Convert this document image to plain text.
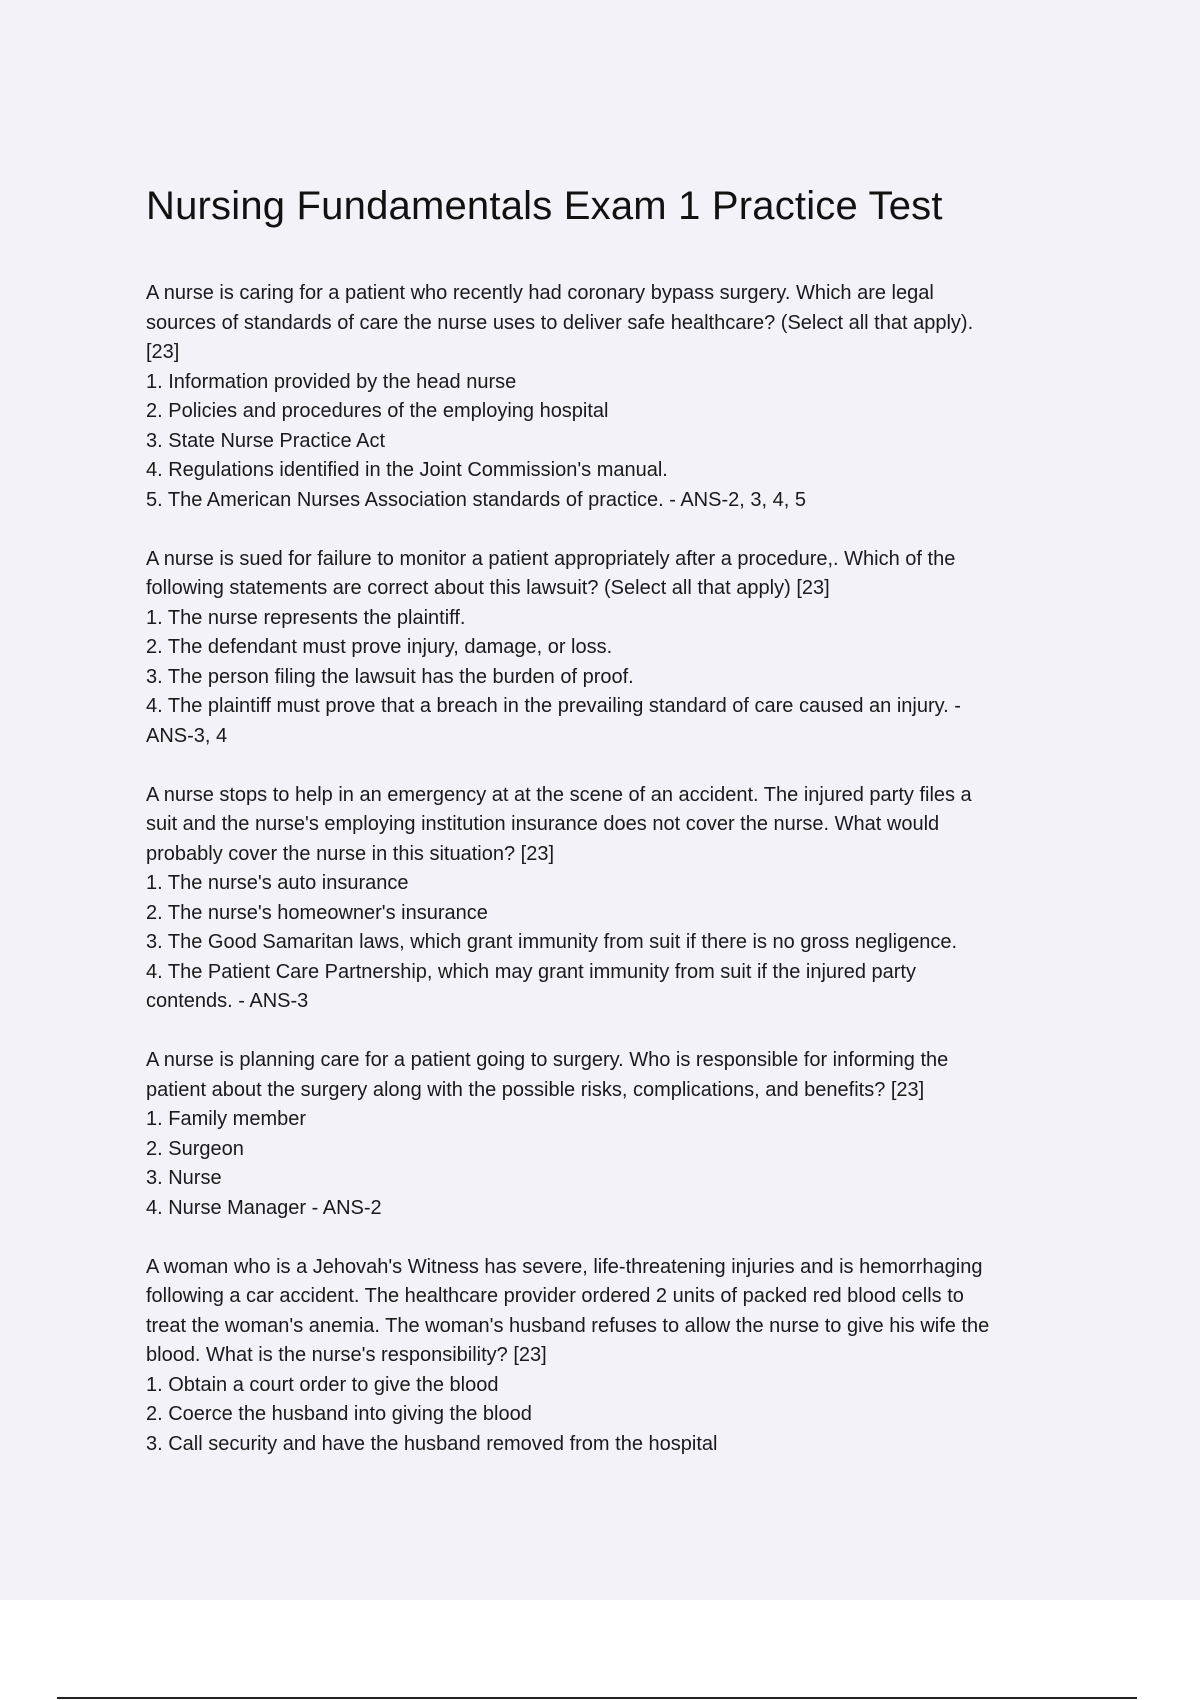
Nursing Fundamentals Exam 1 Practice Test

A nurse is caring for a patient who recently had coronary bypass surgery. Which are legal

sources of standards of care the nurse uses to deliver safe healthcare? (Select all that apply).

[23]

1. Information provided by the head nurse

2. Policies and procedures of the employing hospital

3. State Nurse Practice Act

4. Regulations identified in the Joint Commission's manual.

5. The American Nurses Association standards of practice. - ANS-2, 3, 4, 5

A nurse is sued for failure to monitor a patient appropriately after a procedure,. Which of the

following statements are correct about this lawsuit? (Select all that apply) [23]

1. The nurse represents the plaintiff.

2. The defendant must prove injury, damage, or loss.

3. The person filing the lawsuit has the burden of proof.

4. The plaintiff must prove that a breach in the prevailing standard of care caused an injury. -

ANS-3, 4

A nurse stops to help in an emergency at at the scene of an accident. The injured party files a

suit and the nurse's employing institution insurance does not cover the nurse. What would

probably cover the nurse in this situation? [23]

1. The nurse's auto insurance

2. The nurse's homeowner's insurance

3. The Good Samaritan laws, which grant immunity from suit if there is no gross negligence.

4. The Patient Care Partnership, which may grant immunity from suit if the injured party

contends. - ANS-3

A nurse is planning care for a patient going to surgery. Who is responsible for informing the

patient about the surgery along with the possible risks, complications, and benefits? [23]

1. Family member

2. Surgeon

3. Nurse

4. Nurse Manager - ANS-2

A woman who is a Jehovah's Witness has severe, life-threatening injuries and is hemorrhaging

following a car accident. The healthcare provider ordered 2 units of packed red blood cells to

treat the woman's anemia. The woman's husband refuses to allow the nurse to give his wife the

blood. What is the nurse's responsibility? [23]

1. Obtain a court order to give the blood

2. Coerce the husband into giving the blood

3. Call security and have the husband removed from the hospital
